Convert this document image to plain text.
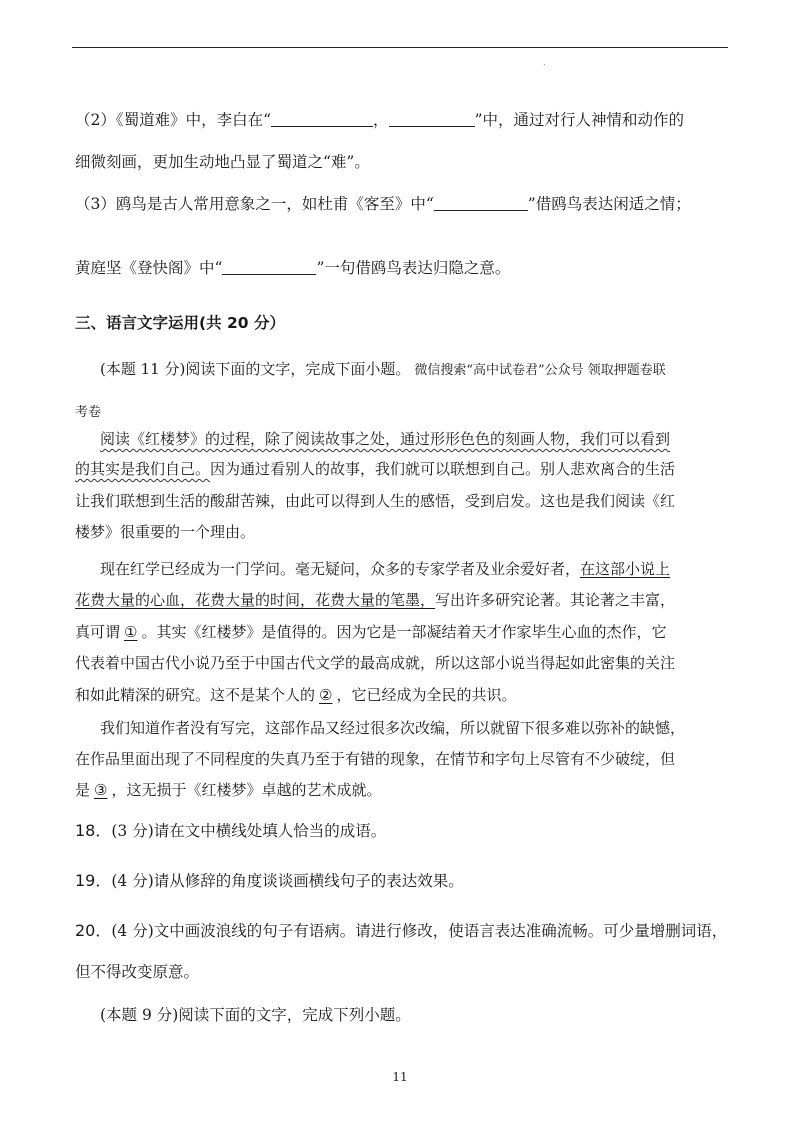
.
（2）《蜀道难》中，李白在“	，	”中，通过对行人神情和动作的
细微刻画，更加生动地凸显了蜀道之“难”。
（3）鸥鸟是古人常用意象之一，如杜甫《客至》中“	”借鸥鸟表达闲适之情；
黄庭坚《登快阁》中“	”一句借鸥鸟表达归隐之意。
三、语言文字运用(共 20 分）
(本题 11 分)阅读下面的文字，完成下面小题。 微信搜索“高中试卷君”公众号 领取押题卷联
考卷
阅读《红楼梦》的过程，除了阅读故事之处，通过形形色色的刻画人物，我们可以看到
的其实是我们自己。因为通过看别人的故事，我们就可以联想到自己。别人悲欢离合的生活
让我们联想到生活的酸甜苦辣，由此可以得到人生的感悟，受到启发。这也是我们阅读《红
楼梦》很重要的一个理由。
现在红学已经成为一门学问。毫无疑问，众多的专家学者及业余爱好者，在这部小说上
花费大量的心血，花费大量的时间，花费大量的笔墨，写出许多研究论著。其论著之丰富，
真可谓 ① 。其实《红楼梦》是值得的。因为它是一部凝结着天才作家毕生心血的杰作，它
代表着中国古代小说乃至于中国古代文学的最高成就，所以这部小说当得起如此密集的关注
和如此精深的研究。这不是某个人的 ② ，它已经成为全民的共识。
我们知道作者没有写完，这部作品又经过很多次改编，所以就留下很多难以弥补的缺憾，
在作品里面出现了不同程度的失真乃至于有错的现象，在情节和字句上尽管有不少破绽，但
是 ③ ，这无损于《红楼梦》卓越的艺术成就。
18．(3 分)请在文中横线处填人恰当的成语。
19．(4 分)请从修辞的角度谈谈画横线句子的表达效果。
20．(4 分)文中画波浪线的句子有语病。请进行修改，使语言表达准确流畅。可少量增删词语，
但不得改变原意。
(本题 9 分)阅读下面的文字，完成下列小题。
11
